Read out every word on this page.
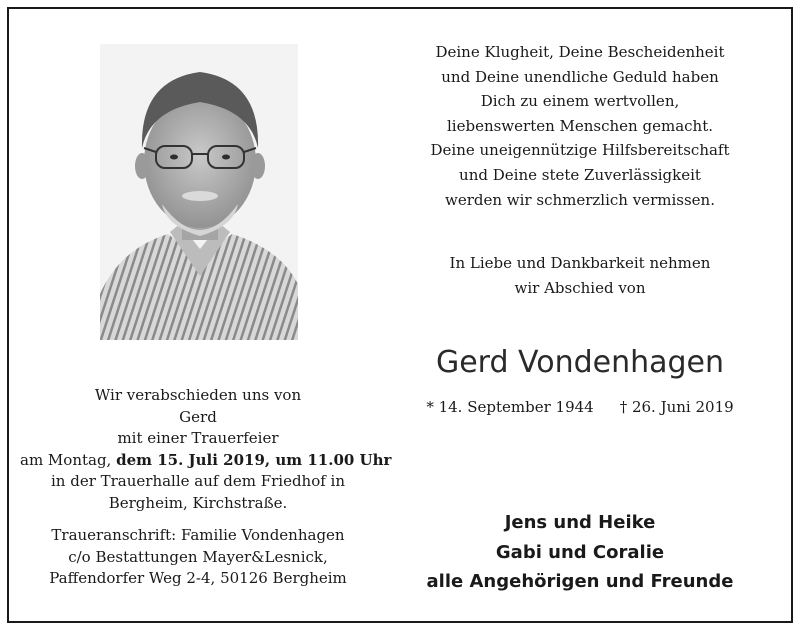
Deine Klugheit, Deine Bescheidenheit
und Deine unendliche Geduld haben
Dich zu einem wertvollen,
liebenswerten Menschen gemacht.
Deine uneigennützige Hilfsbereitschaft
und Deine stete Zuverlässigkeit
werden wir schmerzlich vermissen.
In Liebe und Dankbarkeit nehmen
wir Abschied von
Gerd Vondenhagen
* 14. September 1944 † 26. Juni 2019
Wir verabschieden uns von
Gerd
mit einer Trauerfeier
am Montag, dem 15. Juli 2019, um 11.00 Uhr
in der Trauerhalle auf dem Friedhof in
Bergheim, Kirchstraße.
Traueranschrift: Familie Vondenhagen
c/o Bestattungen Mayer&Lesnick,
Paffendorfer Weg 2-4, 50126 Bergheim
Jens und Heike
Gabi und Coralie
alle Angehörigen und Freunde
